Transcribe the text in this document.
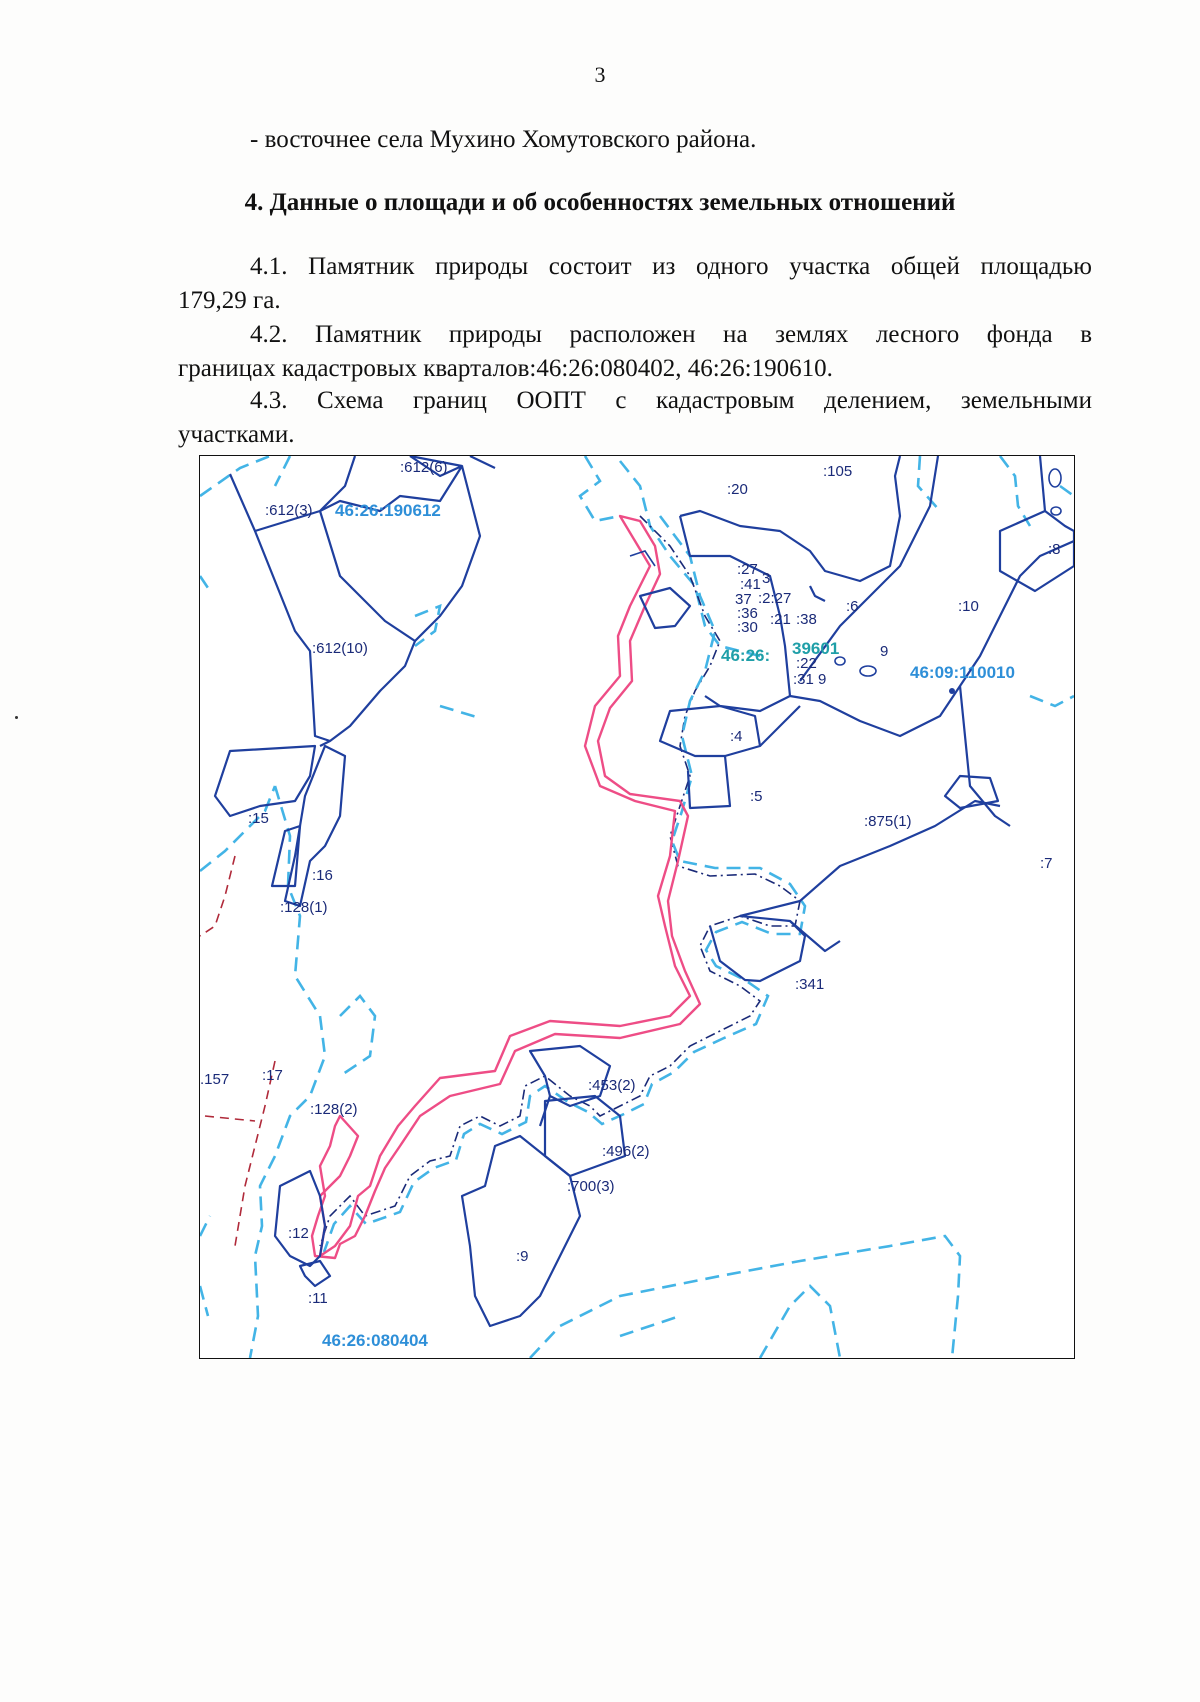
3
- восточнее села Мухино Хомутовского района.
4. Данные о площади и об особенностях земельных отношений
4.1. Памятник природы состоит из одного участка общей площадью
179,29 га.
4.2. Памятник природы расположен на землях лесного фонда в
границах кадастровых кварталов:46:26:080402, 46:26:190610.
4.3. Схема границ ООПТ с кадастровым делением, земельными
участками.
:612(6)
:612(3) 46:26:190612
:612(10)
:20
:105
:8
:10
:6
:27
:41 3
37 :2:27
:36
:30 :21 :38
46:26: 39601
:22
:31 9
9
46:09:110010
:4
:5
:875(1)
:7
:15
:16
:128(1)
:341
.157 :17
:128(2)
:453(2)
:496(2)
:700(3)
:12
:9
:11
46:26:080404
